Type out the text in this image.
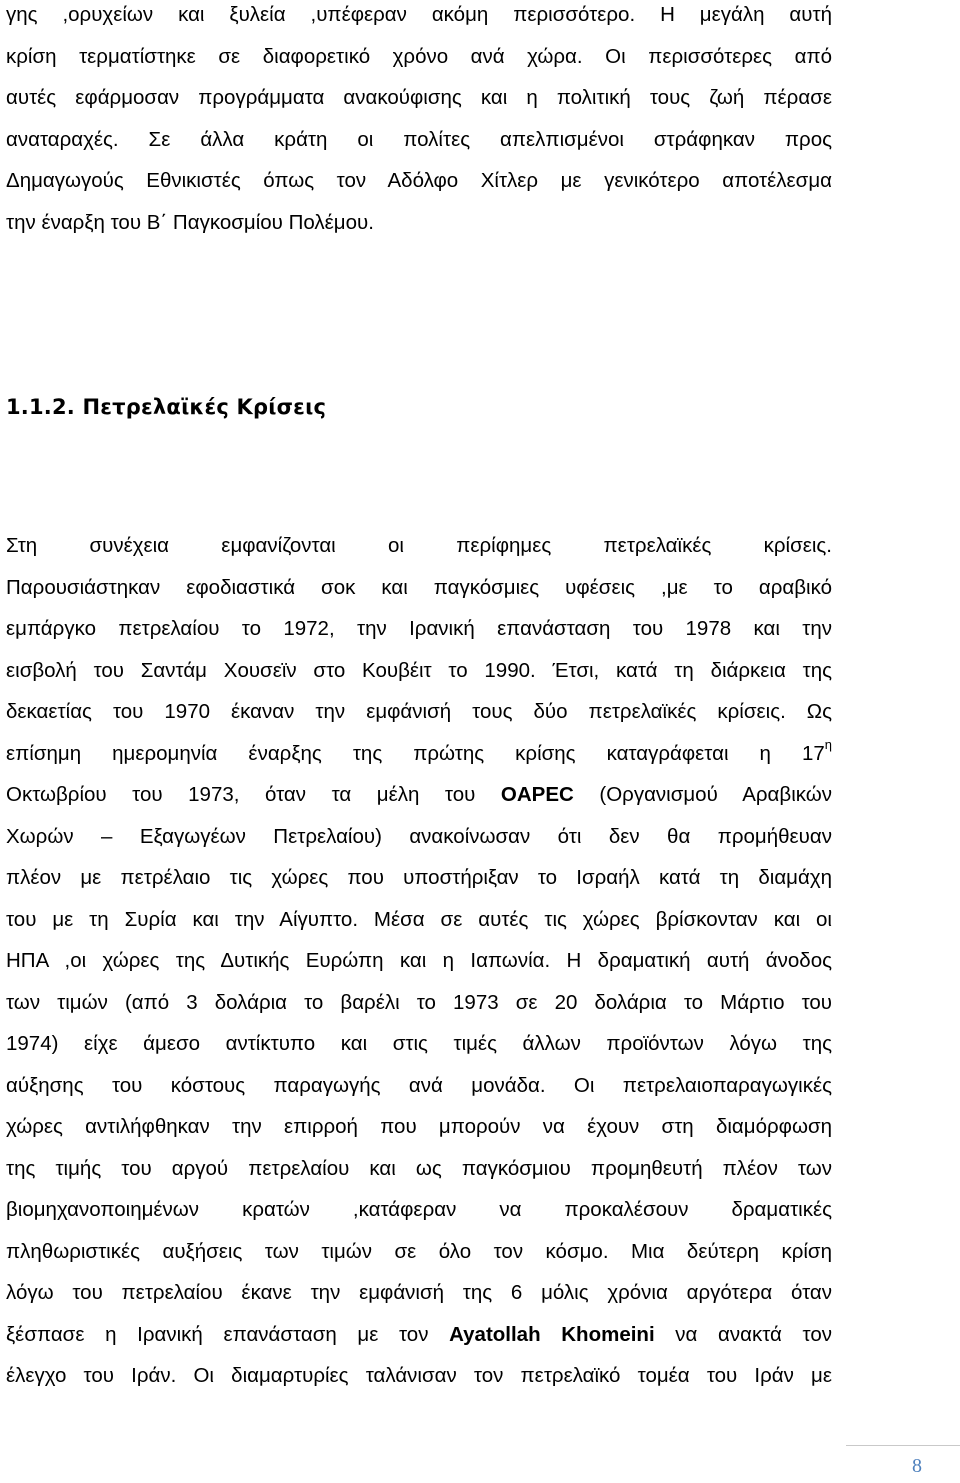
γης ,ορυχείων και ξυλεία ,υπέφεραν ακόμη περισσότερο. Η μεγάλη αυτή
κρίση τερματίστηκε σε διαφορετικό χρόνο ανά χώρα. Οι περισσότερες από
αυτές εφάρμοσαν προγράμματα ανακούφισης και η πολιτική τους ζωή πέρασε
αναταραχές. Σε άλλα κράτη οι πολίτες απελπισμένοι στράφηκαν προς
Δημαγωγούς Εθνικιστές όπως τον Αδόλφο Χίτλερ με γενικότερο αποτέλεσμα
την έναρξη του Β΄ Παγκοσμίου Πολέμου.
1.1.2. Πετρελαϊκές Κρίσεις
Στη συνέχεια εμφανίζονται οι περίφημες πετρελαϊκές κρίσεις.
Παρουσιάστηκαν εφοδιαστικά σοκ και παγκόσμιες υφέσεις ,με το αραβικό
εμπάργκο πετρελαίου το 1972, την Ιρανική επανάσταση του 1978 και την
εισβολή του Σαντάμ Χουσεϊν στο Κουβέιτ το 1990. Έτσι, κατά τη διάρκεια της
δεκαετίας του 1970 έκαναν την εμφάνισή τους δύο πετρελαϊκές κρίσεις. Ως
επίσημη ημερομηνία έναρξης της πρώτης κρίσης καταγράφεται η $17^\eta$
Οκτωβρίου του 1973, όταν τα μέλη του OAPEC (Οργανισμού Αραβικών
Χωρών – Εξαγωγέων Πετρελαίου) ανακοίνωσαν ότι δεν θα προμήθευαν
πλέον με πετρέλαιο τις χώρες που υποστήριξαν το Ισραήλ κατά τη διαμάχη
του με τη Συρία και την Αίγυπτο. Μέσα σε αυτές τις χώρες βρίσκονταν και οι
ΗΠΑ ,οι χώρες της Δυτικής Ευρώπη και η Ιαπωνία. Η δραματική αυτή άνοδος
των τιμών (από 3 δολάρια το βαρέλι το 1973 σε 20 δολάρια το Μάρτιο του
1974) είχε άμεσο αντίκτυπο και στις τιμές άλλων προϊόντων λόγω της
αύξησης του κόστους παραγωγής ανά μονάδα. Οι πετρελαιοπαραγωγικές
χώρες αντιλήφθηκαν την επιρροή που μπορούν να έχουν στη διαμόρφωση
της τιμής του αργού πετρελαίου και ως παγκόσμιου προμηθευτή πλέον των
βιομηχανοποιημένων κρατών ,κατάφεραν να προκαλέσουν δραματικές
πληθωριστικές αυξήσεις των τιμών σε όλο τον κόσμο. Μια δεύτερη κρίση
λόγω του πετρελαίου έκανε την εμφάνισή της 6 μόλις χρόνια αργότερα όταν
ξέσπασε η Ιρανική επανάσταση με τον Ayatollah Khomeini να ανακτά τον
έλεγχο του Ιράν. Οι διαμαρτυρίες ταλάνισαν τον πετρελαϊκό τομέα του Ιράν με
8
